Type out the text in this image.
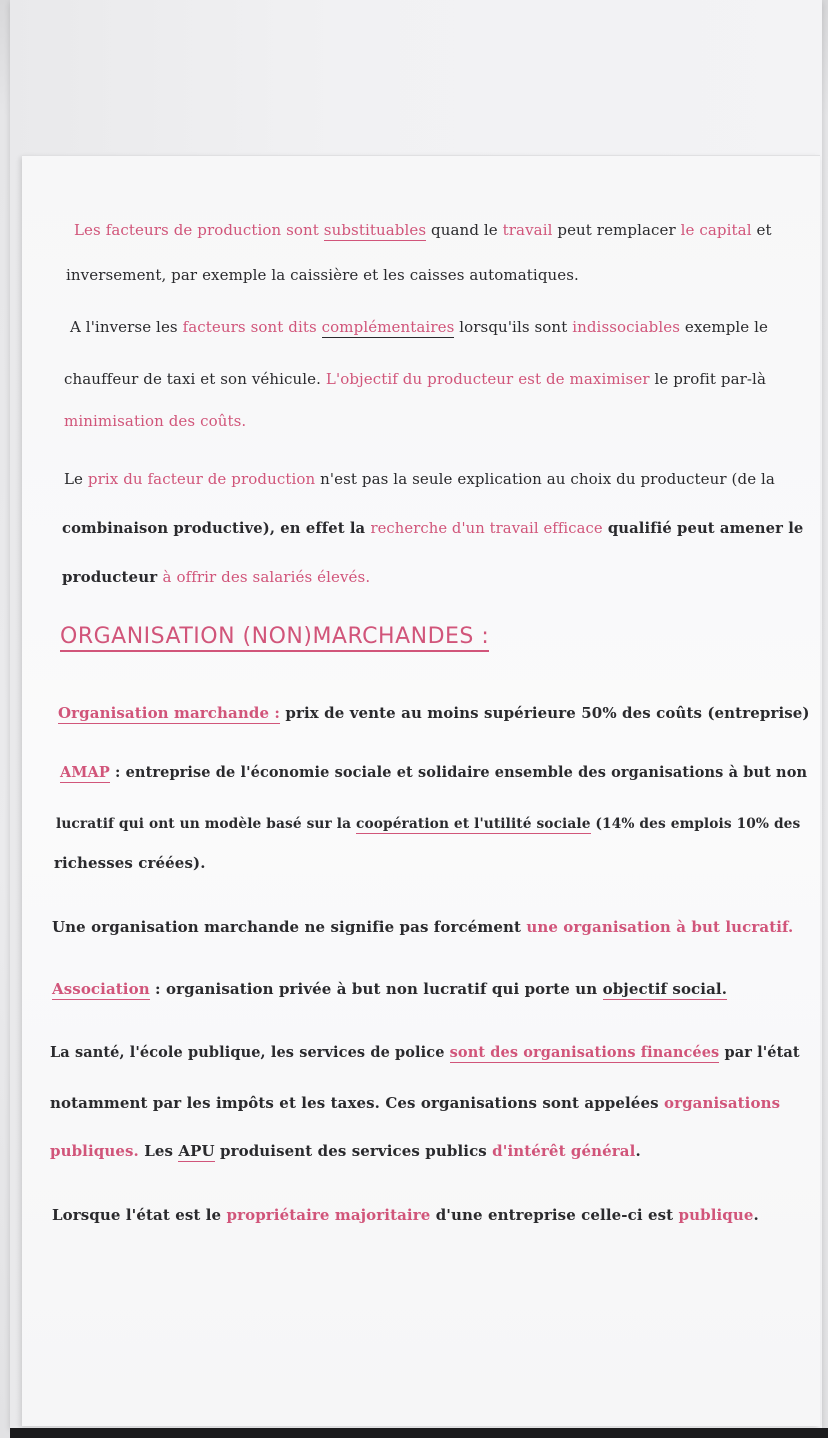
Les facteurs de production sont substituables quand le travail peut remplacer le capital et
inversement, par exemple la caissière et les caisses automatiques.
A l'inverse les facteurs sont dits complémentaires lorsqu'ils sont indissociables exemple le
chauffeur de taxi et son véhicule. L'objectif du producteur est de maximiser le profit par-là
minimisation des coûts.
Le prix du facteur de production n'est pas la seule explication au choix du producteur (de la
combinaison productive), en effet la recherche d'un travail efficace qualifié peut amener le
producteur à offrir des salariés élevés.
ORGANISATION (NON)MARCHANDES :
Organisation marchande : prix de vente au moins supérieure 50% des coûts (entreprise)
AMAP : entreprise de l'économie sociale et solidaire ensemble des organisations à but non
lucratif qui ont un modèle basé sur la coopération et l'utilité sociale (14% des emplois 10% des
richesses créées).
Une organisation marchande ne signifie pas forcément une organisation à but lucratif.
Association : organisation privée à but non lucratif qui porte un objectif social.
La santé, l'école publique, les services de police sont des organisations financées par l'état
notamment par les impôts et les taxes. Ces organisations sont appelées organisations
publiques. Les APU produisent des services publics d'intérêt général.
Lorsque l'état est le propriétaire majoritaire d'une entreprise celle-ci est publique.
